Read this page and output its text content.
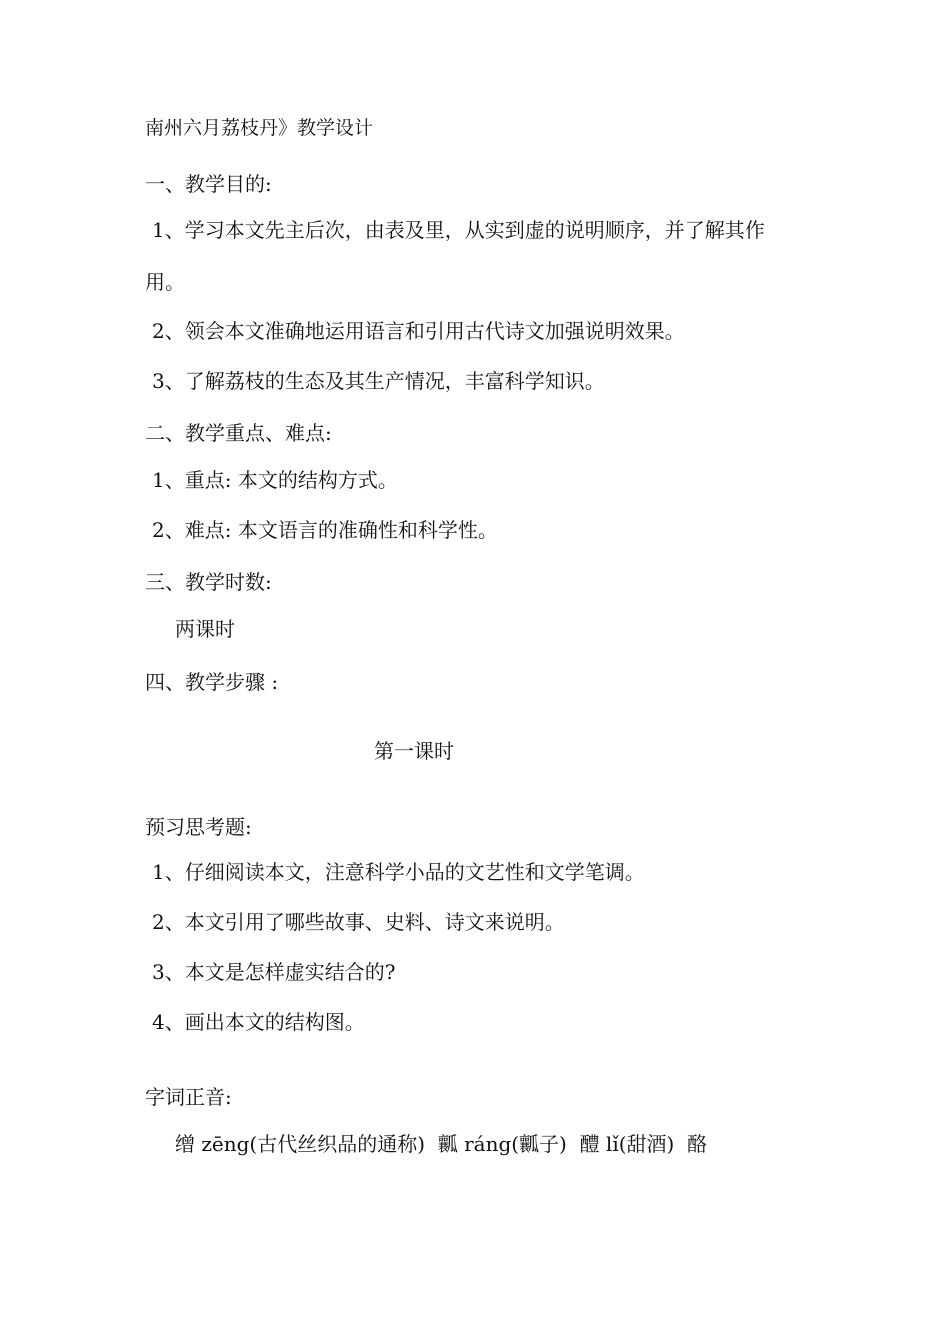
南州六月荔枝丹》教学设计
一、教学目的:
1、学习本文先主后次，由表及里，从实到虚的说明顺序，并了解其作
用。
2、领会本文准确地运用语言和引用古代诗文加强说明效果。
3、了解荔枝的生态及其生产情况，丰富科学知识。
二、教学重点、难点:
1、重点: 本文的结构方式。
2、难点: 本文语言的准确性和科学性。
三、教学时数:
两课时
四、教学步骤 :
第一课时
预习思考题:
1、仔细阅读本文，注意科学小品的文艺性和文学笔调。
2、本文引用了哪些故事、史料、诗文来说明。
3、本文是怎样虚实结合的?
4、画出本文的结构图。
字词正音:
缯 zēng(古代丝织品的通称)  瓤 ráng(瓤子)  醴 lǐ(甜酒)  酪
